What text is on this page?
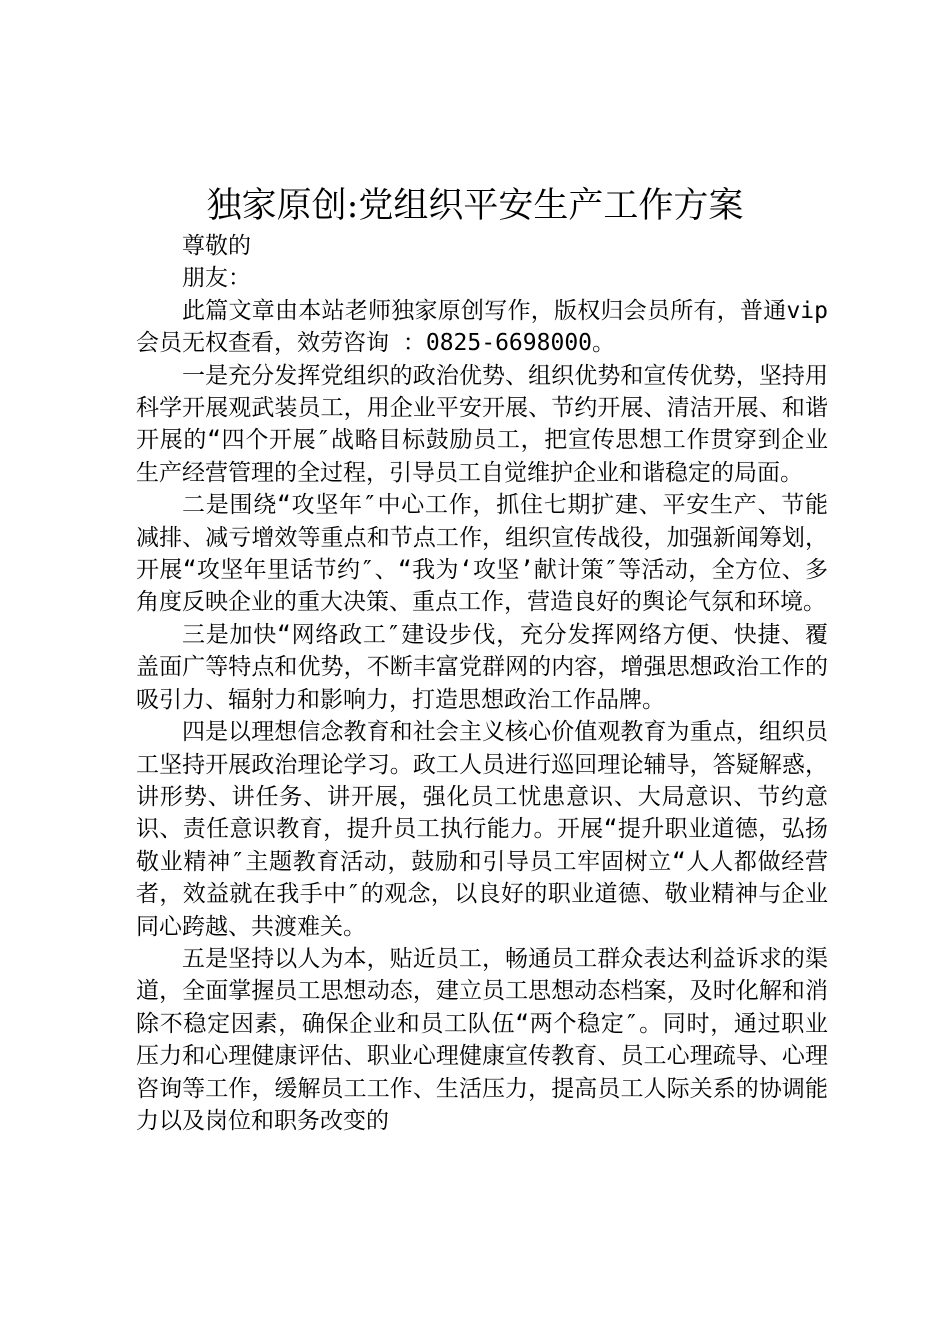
独家原创:党组织平安生产工作方案

尊敬的

朋友：

此篇文章由本站老师独家原创写作，版权归会员所有，普通vip会员无权查看，效劳咨询 ：0825-6698000。

一是充分发挥党组织的政治优势、组织优势和宣传优势，坚持用科学开展观武装员工，用企业平安开展、节约开展、清洁开展、和谐开展的“四个开展″战略目标鼓励员工，把宣传思想工作贯穿到企业生产经营管理的全过程，引导员工自觉维护企业和谐稳定的局面。

二是围绕“攻坚年″中心工作，抓住七期扩建、平安生产、节能减排、减亏增效等重点和节点工作，组织宣传战役，加强新闻筹划，开展“攻坚年里话节约″、“我为‘攻坚’献计策″等活动，全方位、多角度反映企业的重大决策、重点工作，营造良好的舆论气氛和环境。

三是加快“网络政工″建设步伐，充分发挥网络方便、快捷、覆盖面广等特点和优势，不断丰富党群网的内容，增强思想政治工作的吸引力、辐射力和影响力，打造思想政治工作品牌。

四是以理想信念教育和社会主义核心价值观教育为重点，组织员工坚持开展政治理论学习。政工人员进行巡回理论辅导，答疑解惑，讲形势、讲任务、讲开展，强化员工忧患意识、大局意识、节约意识、责任意识教育，提升员工执行能力。开展“提升职业道德，弘扬敬业精神″主题教育活动，鼓励和引导员工牢固树立“人人都做经营者，效益就在我手中″的观念，以良好的职业道德、敬业精神与企业同心跨越、共渡难关。

五是坚持以人为本，贴近员工，畅通员工群众表达利益诉求的渠道，全面掌握员工思想动态，建立员工思想动态档案，及时化解和消除不稳定因素，确保企业和员工队伍“两个稳定″。同时，通过职业压力和心理健康评估、职业心理健康宣传教育、员工心理疏导、心理咨询等工作，缓解员工工作、生活压力，提高员工人际关系的协调能力以及岗位和职务改变的
